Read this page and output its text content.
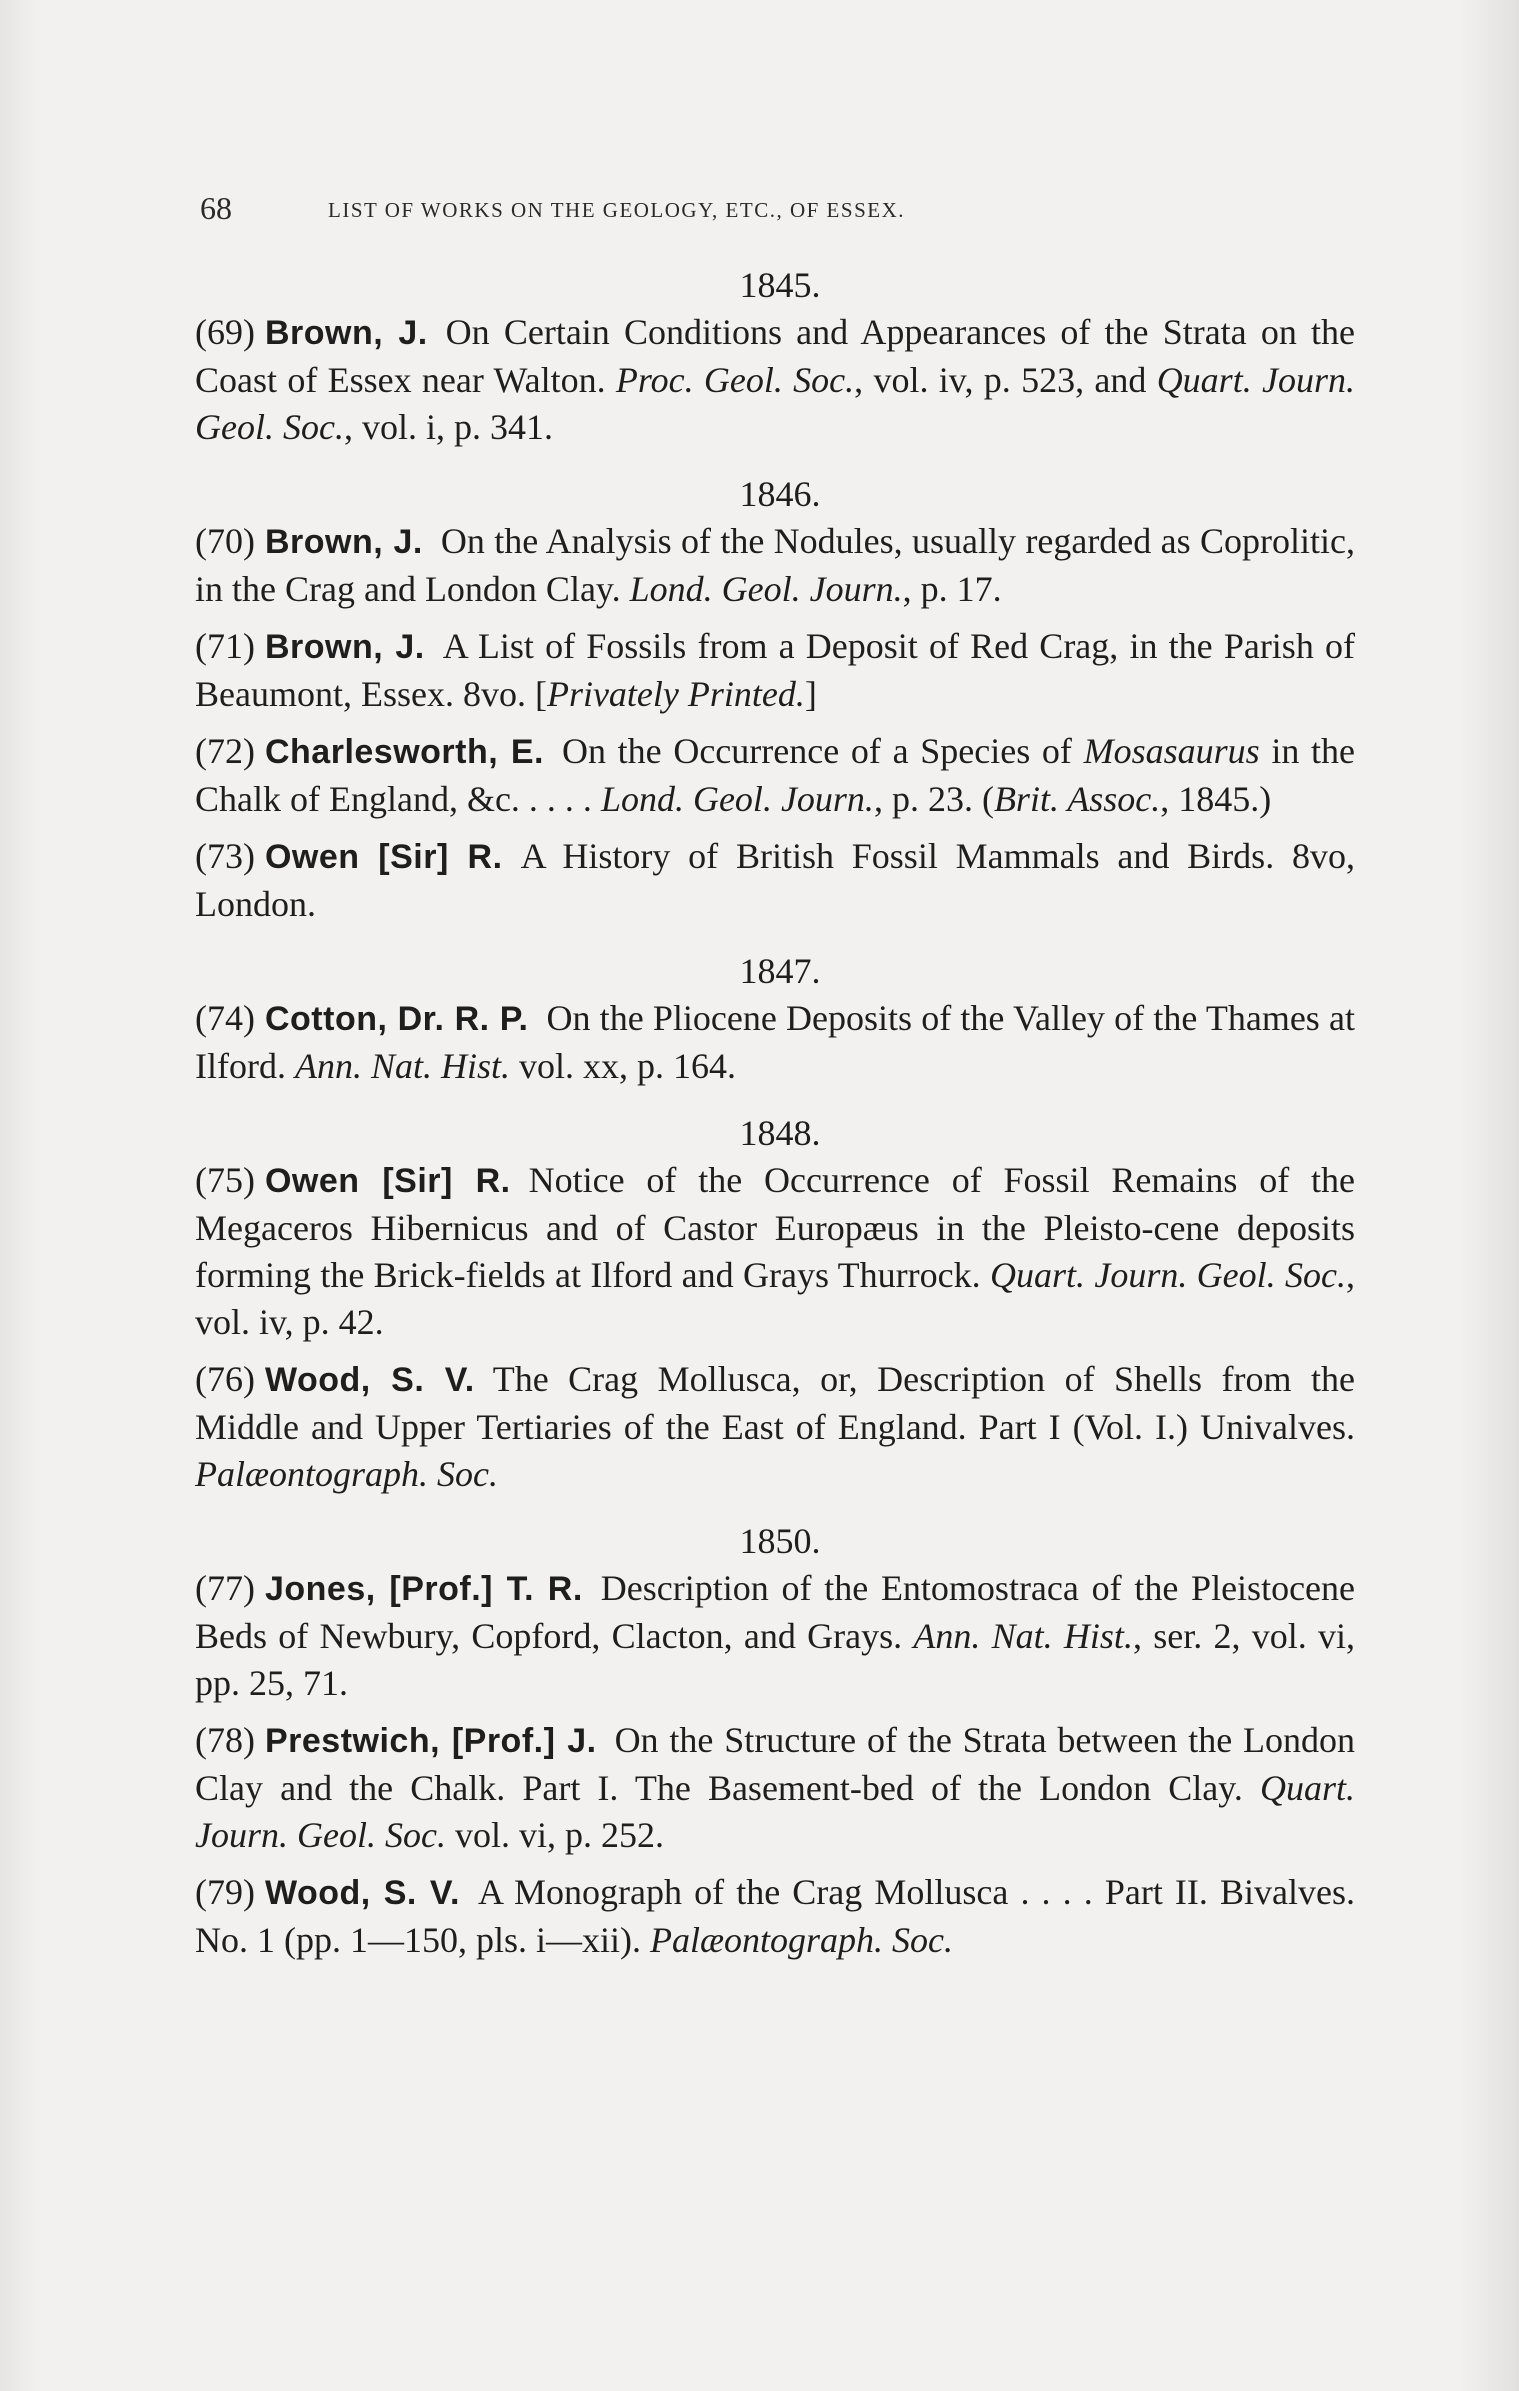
68	LIST OF WORKS ON THE GEOLOGY, ETC., OF ESSEX.

1845.

(69) Brown, J. On Certain Conditions and Appearances of the Strata on the Coast of Essex near Walton. Proc. Geol. Soc., vol. iv, p. 523, and Quart. Journ. Geol. Soc., vol. i, p. 341.

1846.

(70) Brown, J. On the Analysis of the Nodules, usually regarded as Coprolitic, in the Crag and London Clay. Lond. Geol. Journ., p. 17.

(71) Brown, J. A List of Fossils from a Deposit of Red Crag, in the Parish of Beaumont, Essex. 8vo. [Privately Printed.]

(72) Charlesworth, E. On the Occurrence of a Species of Mosasaurus in the Chalk of England, &c. . . . . Lond. Geol. Journ., p. 23. (Brit. Assoc., 1845.)

(73) Owen [Sir] R. A History of British Fossil Mammals and Birds. 8vo, London.

1847.

(74) Cotton, Dr. R. P. On the Pliocene Deposits of the Valley of the Thames at Ilford. Ann. Nat. Hist. vol. xx, p. 164.

1848.

(75) Owen [Sir] R. Notice of the Occurrence of Fossil Remains of the Megaceros Hibernicus and of Castor Europæus in the Pleisto-cene deposits forming the Brick-fields at Ilford and Grays Thurrock. Quart. Journ. Geol. Soc., vol. iv, p. 42.

(76) Wood, S. V. The Crag Mollusca, or, Description of Shells from the Middle and Upper Tertiaries of the East of England. Part I (Vol. I.) Univalves. Palæontograph. Soc.

1850.

(77) Jones, [Prof.] T. R. Description of the Entomostraca of the Pleistocene Beds of Newbury, Copford, Clacton, and Grays. Ann. Nat. Hist., ser. 2, vol. vi, pp. 25, 71.

(78) Prestwich, [Prof.] J. On the Structure of the Strata between the London Clay and the Chalk. Part I. The Basement-bed of the London Clay. Quart. Journ. Geol. Soc. vol. vi, p. 252.

(79) Wood, S. V. A Monograph of the Crag Mollusca . . . . Part II. Bivalves. No. 1 (pp. 1—150, pls. i—xii). Palæontograph. Soc.
